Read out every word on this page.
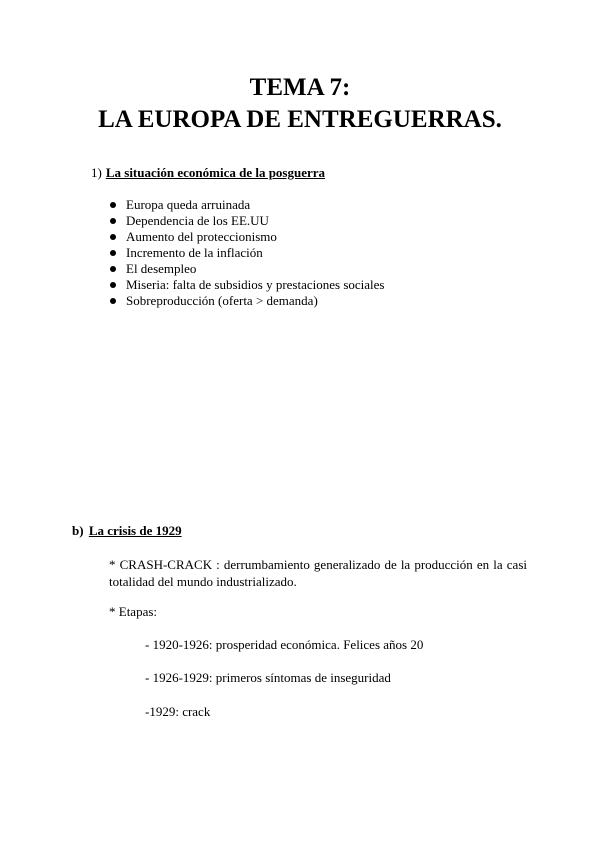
TEMA 7:
LA EUROPA DE ENTREGUERRAS.
1) La situación económica de la posguerra
Europa queda arruinada
Dependencia de los EE.UU
Aumento del proteccionismo
Incremento de la inflación
El desempleo
Miseria: falta de subsidios y prestaciones sociales
Sobreproducción (oferta > demanda)
b) La crisis de 1929

* CRASH-CRACK : derrumbamiento generalizado de la producción en la casi totalidad del mundo industrializado.

* Etapas:

- 1920-1926: prosperidad económica. Felices años 20

- 1926-1929: primeros síntomas de inseguridad

-1929: crack
